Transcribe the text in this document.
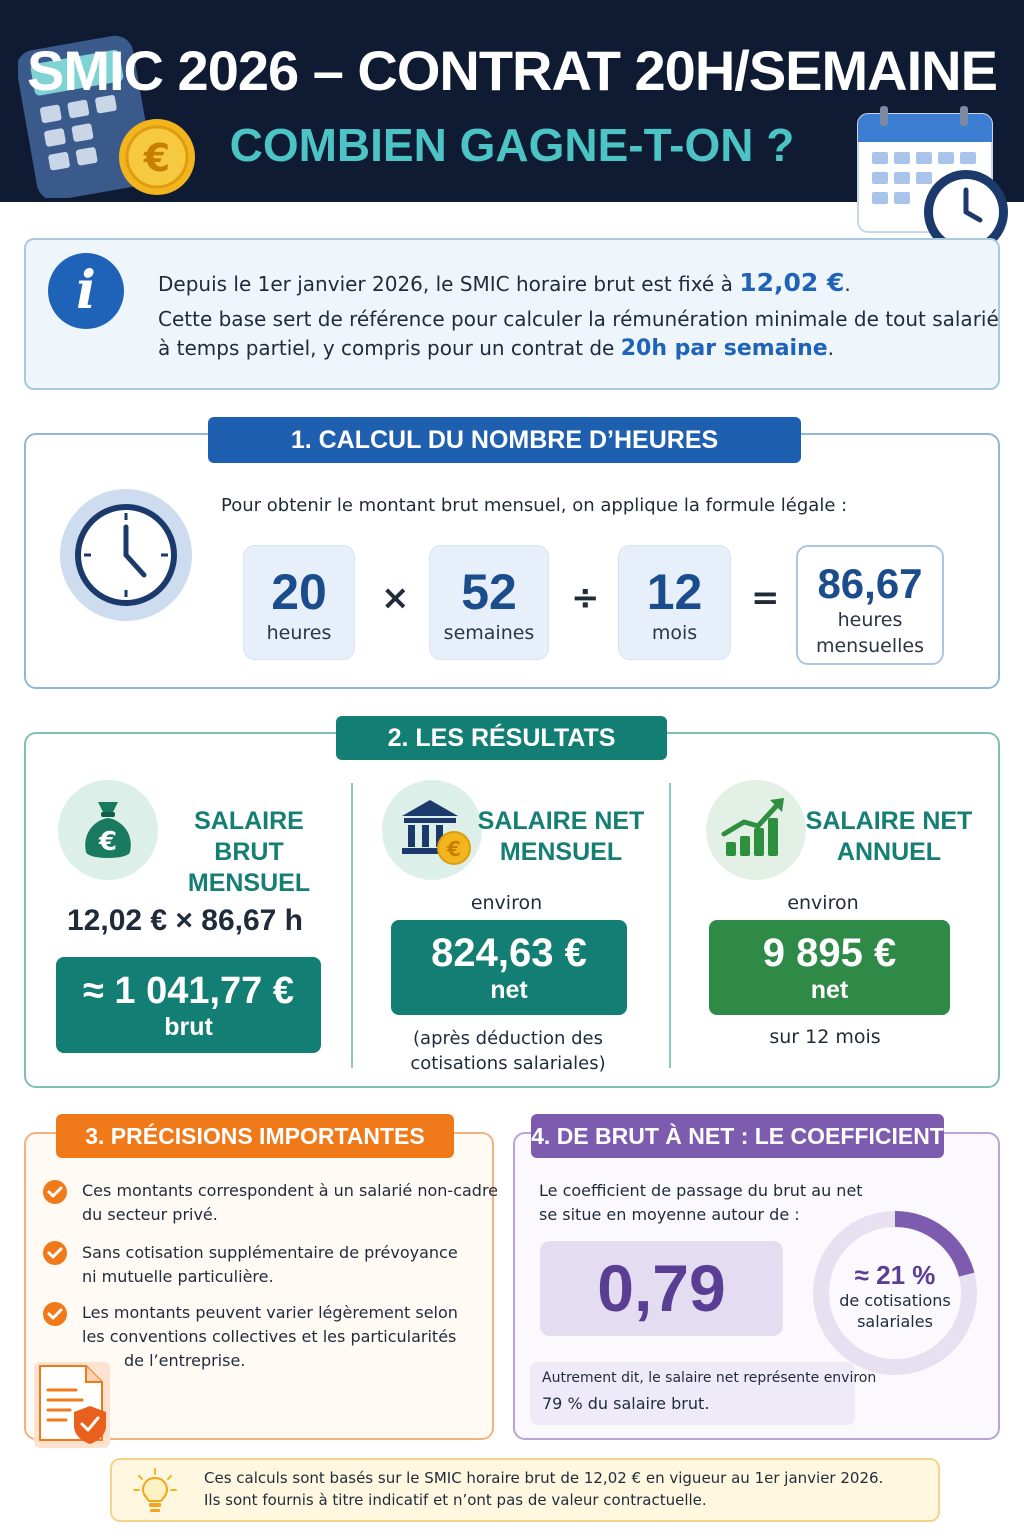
€
SMIC 2026 – CONTRAT 20H/SEMAINE
COMBIEN GAGNE-T-ON ?
i	Depuis le 1er janvier 2026, le SMIC horaire brut est fixé à 12,02 €.
Cette base sert de référence pour calculer la rémunération minimale de tout salarié
à temps partiel, y compris pour un contrat de 20h par semaine.
1. CALCUL DU NOMBRE D’HEURES MENSUELLES
Pour obtenir le montant brut mensuel, on applique la formule légale :
20
heures
×	52
semaines
÷ 12
mois
= 86,67
heures
mensuelles
2. LES RÉSULTATS
€
SALAIRE BRUT
MENSUEL
12,02 € × 86,67 h
≈ 1 041,77 €
brut
€
SALAIRE NET
MENSUEL
environ
824,63 €
net
(après déduction des
cotisations salariales)
SALAIRE NET
ANNUEL
environ
9 895 €
net
sur 12 mois
3. PRÉCISIONS IMPORTANTES
Ces montants correspondent à un salarié non-cadre
du secteur privé.
Sans cotisation supplémentaire de prévoyance
ni mutuelle particulière.
Les montants peuvent varier légèrement selon
les conventions collectives et les particularités
de l’entreprise.
4. DE BRUT À NET : LE COEFFICIENT
Le coefficient de passage du brut au net
se situe en moyenne autour de :
0,79	≈ 21 %
de cotisations
salariales
Autrement dit, le salaire net représente environ
79 % du salaire brut.
Ces calculs sont basés sur le SMIC horaire brut de 12,02 € en vigueur au 1er janvier 2026.
Ils sont fournis à titre indicatif et n’ont pas de valeur contractuelle.
